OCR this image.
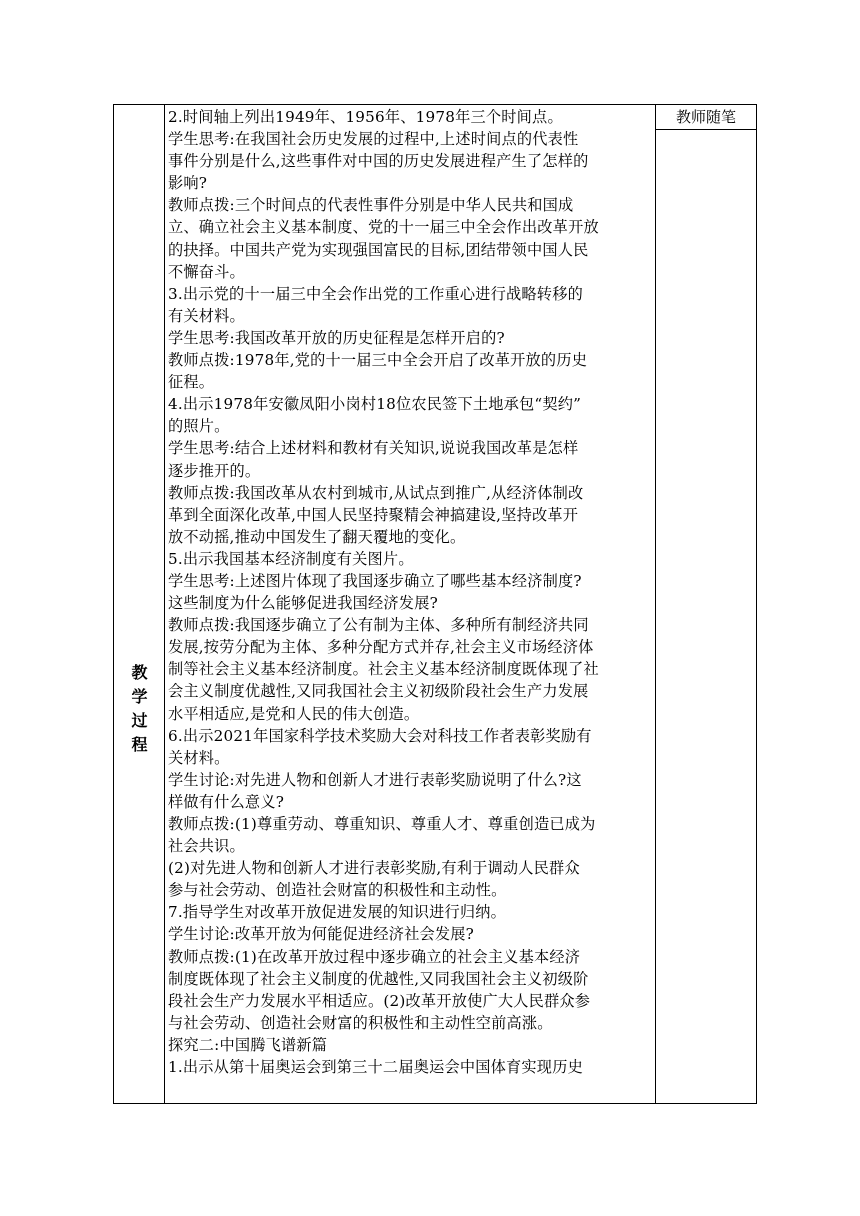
教
学
过
程

2.时间轴上列出1949年、1956年、1978年三个时间点。

学生思考:在我国社会历史发展的过程中,上述时间点的代表性

事件分别是什么,这些事件对中国的历史发展进程产生了怎样的

影响?

教师点拨:三个时间点的代表性事件分别是中华人民共和国成

立、确立社会主义基本制度、党的十一届三中全会作出改革开放

的抉择。中国共产党为实现强国富民的目标,团结带领中国人民

不懈奋斗。

3.出示党的十一届三中全会作出党的工作重心进行战略转移的

有关材料。

学生思考:我国改革开放的历史征程是怎样开启的?

教师点拨:1978年,党的十一届三中全会开启了改革开放的历史

征程。

4.出示1978年安徽凤阳小岗村18位农民签下土地承包“契约”

的照片。

学生思考:结合上述材料和教材有关知识,说说我国改革是怎样

逐步推开的。

教师点拨:我国改革从农村到城市,从试点到推广,从经济体制改

革到全面深化改革,中国人民坚持聚精会神搞建设,坚持改革开

放不动摇,推动中国发生了翻天覆地的变化。

5.出示我国基本经济制度有关图片。

学生思考:上述图片体现了我国逐步确立了哪些基本经济制度?

这些制度为什么能够促进我国经济发展?

教师点拨:我国逐步确立了公有制为主体、多种所有制经济共同

发展,按劳分配为主体、多种分配方式并存,社会主义市场经济体

制等社会主义基本经济制度。社会主义基本经济制度既体现了社

会主义制度优越性,又同我国社会主义初级阶段社会生产力发展

水平相适应,是党和人民的伟大创造。

6.出示2021年国家科学技术奖励大会对科技工作者表彰奖励有

关材料。

学生讨论:对先进人物和创新人才进行表彰奖励说明了什么?这

样做有什么意义?

教师点拨:(1)尊重劳动、尊重知识、尊重人才、尊重创造已成为

社会共识。

(2)对先进人物和创新人才进行表彰奖励,有利于调动人民群众

参与社会劳动、创造社会财富的积极性和主动性。

7.指导学生对改革开放促进发展的知识进行归纳。

学生讨论:改革开放为何能促进经济社会发展?

教师点拨:(1)在改革开放过程中逐步确立的社会主义基本经济

制度既体现了社会主义制度的优越性,又同我国社会主义初级阶

段社会生产力发展水平相适应。(2)改革开放使广大人民群众参

与社会劳动、创造社会财富的积极性和主动性空前高涨。

探究二:中国腾飞谱新篇

1.出示从第十届奥运会到第三十二届奥运会中国体育实现历史

教师随笔
